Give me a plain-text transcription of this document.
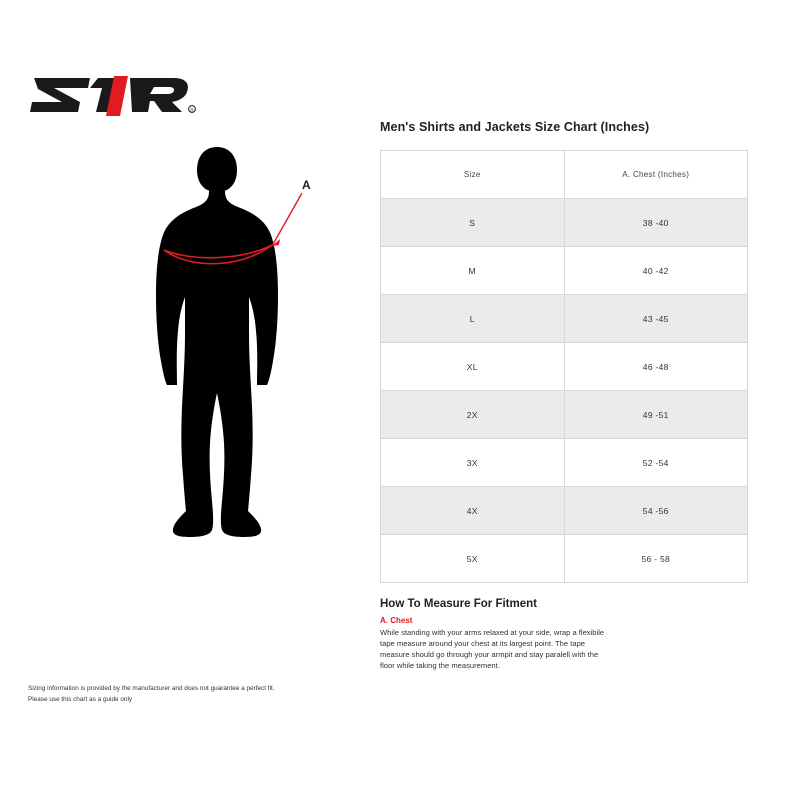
R
A
Men's Shirts and Jackets Size Chart (Inches)
Size	A. Chest (Inches)
S	38 -40
M	40 -42
L	43 -45
XL	46 -48
2X	49 -51
3X	52 -54
4X	54 -56
5X	56 - 58
How To Measure For Fitment
A. Chest
While standing with your arms relaxed at your side, wrap a flexibile tape measure around your chest at its largest point. The tape measure should go through your armpit and stay paralell with the floor while taking the measurement.
Sizing information is provided by the manufacturer and does not guarantee a perfect fit.
Please use this chart as a guide only
